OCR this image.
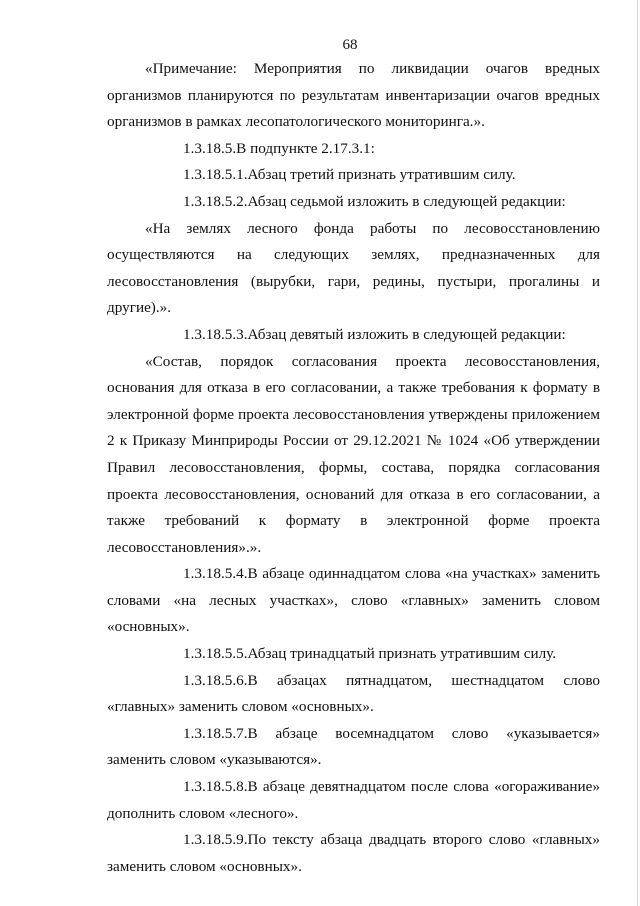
68

«Примечание: Мероприятия по ликвидации очагов вредных организмов планируются по результатам инвентаризации очагов вредных организмов в рамках лесопатологического мониторинга.».

1.3.18.5.В подпункте 2.17.3.1:

1.3.18.5.1.Абзац третий признать утратившим силу.

1.3.18.5.2.Абзац седьмой изложить в следующей редакции:

«На землях лесного фонда работы по лесовосстановлению осуществляются на следующих землях, предназначенных для лесовосстановления (вырубки, гари, редины, пустыри, прогалины и другие).».

1.3.18.5.3.Абзац девятый изложить в следующей редакции:

«Состав, порядок согласования проекта лесовосстановления, основания для отказа в его согласовании, а также требования к формату в электронной форме проекта лесовосстановления утверждены приложением 2 к Приказу Минприроды России от 29.12.2021 № 1024 «Об утверждении Правил лесовосстановления, формы, состава, порядка согласования проекта лесовосстановления, оснований для отказа в его согласовании, а также требований к формату в электронной форме проекта лесовосстановления».».

1.3.18.5.4.В абзаце одиннадцатом слова «на участках» заменить словами «на лесных участках», слово «главных» заменить словом «основных».

1.3.18.5.5.Абзац тринадцатый признать утратившим силу.

1.3.18.5.6.В абзацах пятнадцатом, шестнадцатом слово «главных» заменить словом «основных».

1.3.18.5.7.В абзаце восемнадцатом слово «указывается» заменить словом «указываются».

1.3.18.5.8.В абзаце девятнадцатом после слова «огораживание» дополнить словом «лесного».

1.3.18.5.9.По тексту абзаца двадцать второго слово «главных» заменить словом «основных».
